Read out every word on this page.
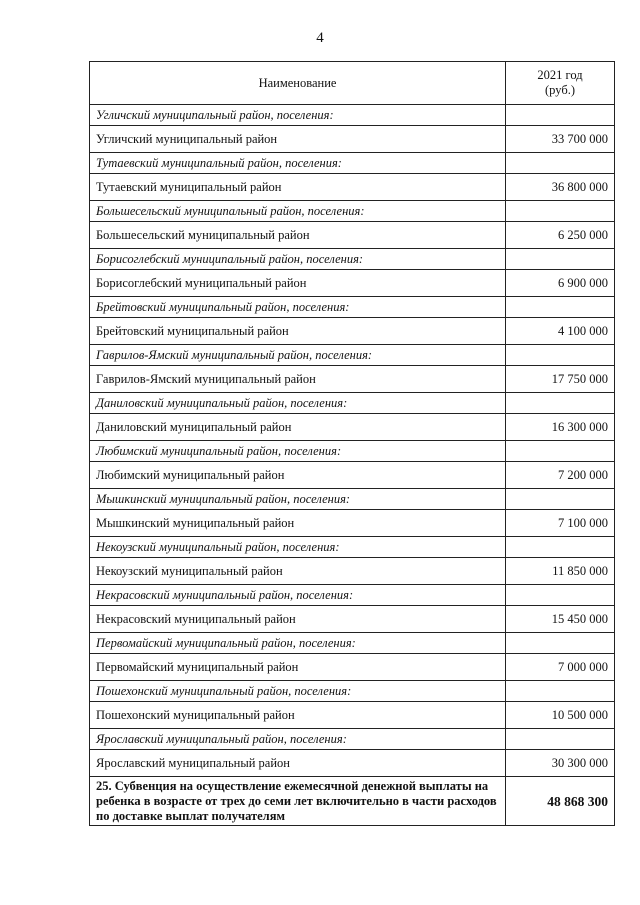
4
Наименование	2021 год
(руб.)
Угличский муниципальный район, поселения:	
Угличский муниципальный район	33 700 000
Тутаевский муниципальный район, поселения:	
Тутаевский муниципальный район	36 800 000
Большесельский муниципальный район, поселения:	
Большесельский муниципальный район	6 250 000
Борисоглебский муниципальный район, поселения:	
Борисоглебский муниципальный район	6 900 000
Брейтовский муниципальный район, поселения:	
Брейтовский муниципальный район	4 100 000
Гаврилов-Ямский муниципальный район, поселения:	
Гаврилов-Ямский муниципальный район	17 750 000
Даниловский муниципальный район, поселения:	
Даниловский муниципальный район	16 300 000
Любимский муниципальный район, поселения:	
Любимский муниципальный район	7 200 000
Мышкинский муниципальный район, поселения:	
Мышкинский муниципальный район	7 100 000
Некоузский муниципальный район, поселения:	
Некоузский муниципальный район	11 850 000
Некрасовский муниципальный район, поселения:	
Некрасовский муниципальный район	15 450 000
Первомайский муниципальный район, поселения:	
Первомайский муниципальный район	7 000 000
Пошехонский муниципальный район, поселения:	
Пошехонский муниципальный район	10 500 000
Ярославский муниципальный район, поселения:	
Ярославский муниципальный район	30 300 000
25. Субвенция на осуществление ежемесячной денежной выплаты на ребенка в возрасте от трех до семи лет включительно в части расходов по доставке выплат получателям	48 868 300
